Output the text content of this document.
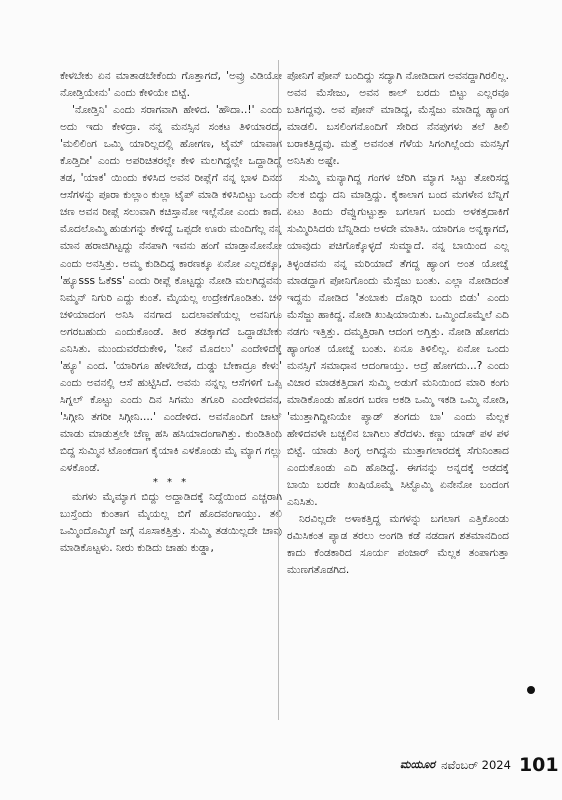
ಕೇಳಬೇಕು ಏನ ಮಾತಾಡಬೇಕೆಂದು ಗೊತ್ತಾಗದೆ, 'ಅವ್ರು ವಿಡಿಯೋ ನೋಡ್ತಿಯೇನು' ಎಂದು ಕೇಳಿಯೇ ಬಿಟ್ಟೆ.

'ನೋಡ್ತಿನಿ' ಎಂದು ಸರಾಗವಾಗಿ ಹೇಳಿದ. 'ಹೌದಾ..!' ಎಂದು ಅದು ಇದು ಕೇಳಿದ್ರಾ. ನನ್ನ ಮನಸ್ಸಿನ ಸಂಕಟ ತಿಳಿಯಾರದೆ, 'ಮಲಿಲಿಂಗ ಒಮ್ಮಿ ಯಾರಿಲ್ಲದಲ್ಲಿ ಹೋಗಣ, ಟೈಮ್ ಯಾವಾಗ ಕೊಡ್ತಿದೀ' ಎಂದು ಅಪರಿಚಿತರಲ್ಲೇ ಕೇಳಿ ಮಲಗಿದ್ದಲ್ಲೇ ಒದ್ದಾಡಿದ್ದೆ ತಡ, 'ಯಾಕ' ಯಿಂದು ಕಳಿಸಿದ ಅವನ ರೀಪ್ಲೆಗೆ ನನ್ನ ಭಾಳ ದಿನದ ಆಸೆಗಳನ್ನು ಪೂರಾ ಕುಲ್ಲಾಂ ಕುಲ್ಲಾ ಟೈಪ್ ಮಾಡಿ ಕಳಿಸಿಬಿಟ್ಟು ಒಂದು ಚಣ ಅವನ ರೀಪ್ಲೆ ಸಲುವಾಗಿ ಕಚಿಸ್ತಾನೋ ಇಲ್ಲೆನೋ ಎಂದು ಕಾದೆ. ಮೊದಲೊಮ್ಮಿ ಹುಡುಗನ್ನು ಕೇಳಿದ್ದೆ ಒಪ್ಪದೇ ಊರು ಮಂದಿಗೆಲ್ಲ ನನ್ನ ಮಾನ ಹರಾಜಿಗಿಟ್ಟದ್ದು ನೆನಪಾಗಿ ಇವನು ಹಂಗೆ ಮಾಡ್ತಾನೋನೋ ಎಂದು ಅನಸ್ತಿತ್ತು. ಅಮ್ಮ ಕುಡಿದಿದ್ದ ಕಾರಣಕ್ಕೂ ಏನೋ ಎಲ್ಲದಕ್ಕೂ, 'ಹ್ಯೂsss ಓಕೆss' ಎಂದು ರೀಪ್ಲೆ ಕೊಟ್ಟದ್ದು ನೋಡಿ ಮಲಗಿದ್ದವನು ನಿಮ್ಮನ್ ನಿಗುರಿ ಎದ್ದು ಕುಂತೆ. ಮೈಯಲ್ಲ ಉದ್ರೇಕಗೊಂಡಿತು. ಚಳಿ ಚಳಿಯಾದಂಗ ಅನಿಸಿ ನನಗಾದ ಬದಲಾವಣೆಯಲ್ಲ ಅವನಿಗೂ ಅಗರಬಹುದು ಎಂದುಕೊಂಡೆ. ತೀರ ತಡಕ್ಕಾಗದೆ ಒದ್ದಾಡಬೇಕು ಎನಿಸಿತು. ಮುಂದುವರೆದುಕೇಳಿ, 'ನೀನೆ ಮೊದಲು' ಎಂದೇಳಿದೆಕ್ಕೆ 'ಹ್ಯೂ' ಎಂದ. 'ಯಾರಿಗೂ ಹೇಳಬೇಡ, ದುಡ್ಡು ಬೇಕಾದ್ರೂ ಕೇಳು' ಎಂದು ಅವನಲ್ಲಿ ಆಸೆ ಹುಟ್ಟಿಸಿದೆ. ಅವನು ನನ್ನಲ್ಲ ಆಸೆಗಳಿಗೆ ಒಪ್ಪಿ ಸಿಗ್ನಲ್ ಕೊಟ್ಟು ಎಂದು ದಿನ ಸಿಗಮು ತಗೂರಿ ಎಂದೇಳಿದವನ, 'ಸಿಗ್ಗೀನಿ ತಗರೀ ಸಿಗ್ಗೀನಿ....' ಎಂದೇಳಿದ. ಅವನೊಂದಿಗೆ ಚಾಟ್ ಮಾಡು ಮಾಡುತ್ತಲೇ ಚೆಣ್ಣ ಹಸಿ ಹಸಿಯಾದಂಗಾಗಿತ್ತು. ಕುಂಡಿತಿಂದಿ ಬಿದ್ದ ಸುಮ್ಮಿನ ಟೊಂಕದಾಗ ಕೈಯಾಕಿ ಎಳಕೊಂಡು ಮೈ ಮ್ಯಾಗ ಗಲ್ಲು ಎಳಕೊಂಡೆ.

* * *

ಮಗಳು ಮೈಮ್ಯಾಗ ಬಿದ್ದು ಅದ್ದಾಡಿದಕ್ಕೆ ನಿದ್ದೆಯಿಂದ ಎಚ್ಚರಾಗಿ ಬುಸ್ತೆಂದು ಕುಂತಾಗ ಮೈಯಲ್ಲ ಬಿಗೆ ಹೊದವಂಗಾಯ್ತು. ತಲಿ ಒಮ್ಮಿಂದೊಮ್ಮಿಗೆ ಜಗ್ಗೆ ನೂಸಾಕತ್ತಿತ್ತು. ಸುಮ್ಮಿ ತಡಯಿಲ್ಲದೇ ಚಾವು ಮಾಡಿಕೊಟ್ಟಳು. ನೀರು ಕುಡಿದು ಚಾಹು ಕುಡ್ಡಾ,

ಪೋನಿಗೆ ಪೋನ್ ಬಂದಿದ್ದು ಸದ್ಯಾಗಿ ನೋಡಿದಾಗ ಅವನದ್ದಾಗಿರಲಿಲ್ಲ. ಅವನ ಮೆಸೇಜು, ಅವನ ಕಾಲ್ ಬರದು ಬಿಟ್ಟು ಎಲ್ಲರವೂ ಬತಿಗದ್ದವು. ಅವ ಪೋನ್ ಮಾಡಿದ್ದ, ಮೆಸ್ಸೆಜು ಮಾಡಿದ್ದ ಹ್ಯಾಂಗ ಮಾಡಲಿ. ಬಸಲಿಂಗನೊಂದಿಗೆ ಸೇರಿದ ನೆನಪುಗಳು ತಲೆ ತೀಲಿ ಬರಾಕತ್ತಿದ್ದವು. ಮತ್ತೆ ಅವನಂತ ಗೆಳೆಯ ಸಿಗಂಗಿಲ್ಲೆಂದು ಮನಸ್ಸಿಗೆ ಅನಿಸಿತು ಅಷ್ಟೇ.

ಸುಮ್ಮಿ ಮನ್ಯಾಗಿದ್ದ ಗಂಗಳ ಚೆರಿಗಿ ಮ್ಯಾಗ ಸಿಟ್ಟು ತೋರಿಸದ್ದ ನೆಲಕ ಬಿದ್ದು ದನಿ ಮಾಡ್ತಿದ್ದು. ಕೈಕಾಲಾಗ ಬಂದ ಮಗಳೇನ ಬೆನ್ನಿಗೆ ಏಟು ತಿಂದು ರೆವ್ವುಗುಟ್ಟುತ್ತಾ ಬಗಲಾಗ ಬಂದು ಅಳಕತ್ತದಾಕಿಗೆ ಸುಮ್ಮಿರಿಸಿದರು ಬೆನ್ನಿಡಿದು ಅಳದೇ ಮಾತಿಸಿ. ಯಾರಿಗೂ ಅನ್ನಕ್ಕಾಗದೆ, ಯಾವುದು ಪಚಿಗೊಕ್ಕೊಳ್ಳದೆ ಸುಮ್ಮಾದೆ. ನನ್ನ ಬಾಯಿಂದ ಎಲ್ಲ ತಿಳ್ಳಂಡವನು ನನ್ನ ಮರಿಯಾದೆ ತೆಗದ್ದ ಹ್ಯಾಂಗ ಅಂತ ಯೋಚ್ನೆ ಮಾಡದ್ದಾಗ ಪೋನಿಗೊಂದು ಮೆಸ್ಸೆಜು ಬಂತು. ಎಲ್ಲಾ ನೋಡಿದಂತೆ ಇದ್ದನು ನೋಡಿದ 'ತಂಬಾಕು ದೊಡ್ಗಿರಿ ಬಂದು ಬಿಡು' ಎಂದು ಮೆಸೆಜ್ಜು ಹಾಕಿದ್ದ. ನೋಡಿ ಖುಷಿಯಾಯಿತು. ಒಮ್ಮಿಂದೊಮ್ಮೆಲೆ ಎದಿ ನಡಗು ಇತ್ತಿತ್ತು. ದಮ್ಮತ್ತಿರಾಗಿ ಆದಂಗ ಅಗ್ತಿತ್ತು. ನೋಡಿ ಹೋಗದು ಹ್ಯಾಂಗಂತ ಯೋಚ್ನೆ ಬಂತು. ಏನೂ ತಿಳಿಲಿಲ್ಲ. ಏನೋ ಒಂದು ಮನಸ್ಸಿಗೆ ಸಮಾಧಾನ ಆದಂಗಾಯ್ತು. ಅದ್ರೆ ಹೋಗದು...? ಎಂದು ವಿಚಾರ ಮಾಡಕತ್ತಿದಾಗ ಸುಮ್ಮಿ ಅಡುಗೆ ಮನಿಯಿಂದ ಮಾರಿ ಕಂಗು ಮಾಡಿಕೊಂಡು ಹೊರಗ ಬರಣ ಅಕಡಿ ಒಮ್ಮಿ ಇಕಡಿ ಒಮ್ಮಿ ನೋಡಿ, 'ಮುತ್ತಾಗಿದ್ದೀನಿಯೇ ಪ್ಯಾಡ್ ತಂಗದು ಬಾ' ಎಂದು ಮೆಲ್ಲಕ ಹೇಳಿದವಳೇ ಬಚ್ಚಲಿನ ಬಾಗಿಲು ತೆರೆದಳು. ಕಣ್ಣು ಯಾಡ್ ಪಳ ಪಳ ಬಿಟ್ಟೆ. ಯಾಡು ತಿಂಗ್ಳ ಅಗಿದ್ದನು ಮುತ್ತಾಗಲಾರದಕ್ಕ ಸೆಗುನಿಂತಾದ ಎಂದುಕೊಂಡು ಎದಿ ಹೊಡಿದ್ದೆ. ಈಗನನ್ನು ಅನ್ನದಕ್ಕೆ ಅಡದಕ್ಕೆ ಬಾಯಿ ಬರದೇ ಖುಷಿಯೊಮ್ಮೆ ಸಿಟ್ಟೊಮ್ಮಿ ಏನೇನೋ ಬಂದಂಗ ಎನಿಸಿತು.

ನಿರವಿಲ್ಲದೇ ಅಳಾಕತ್ತಿದ್ದ ಮಗಳನ್ನು ಬಗಲಾಗ ಎತ್ತಿಕೊಂಡು ರಮಿಸಿಕಂತ ಪ್ಯಾಡ ತರಲು ಅಂಗಡಿ ಕಡೆ ನಡದಾಗ ಶತಮಾನದಿಂದ ಕಾದು ಕೆಂಡಕಾರಿದ ಸೂರ್ಯ ಪಂಜಾರ್ ಮೆಲ್ಲಕ ತಂಪಾಗುತ್ತಾ ಮುಣಗತೊಡಗಿದ.

ಮಯೂರ ನವೆಂಬರ್ 2024 101
